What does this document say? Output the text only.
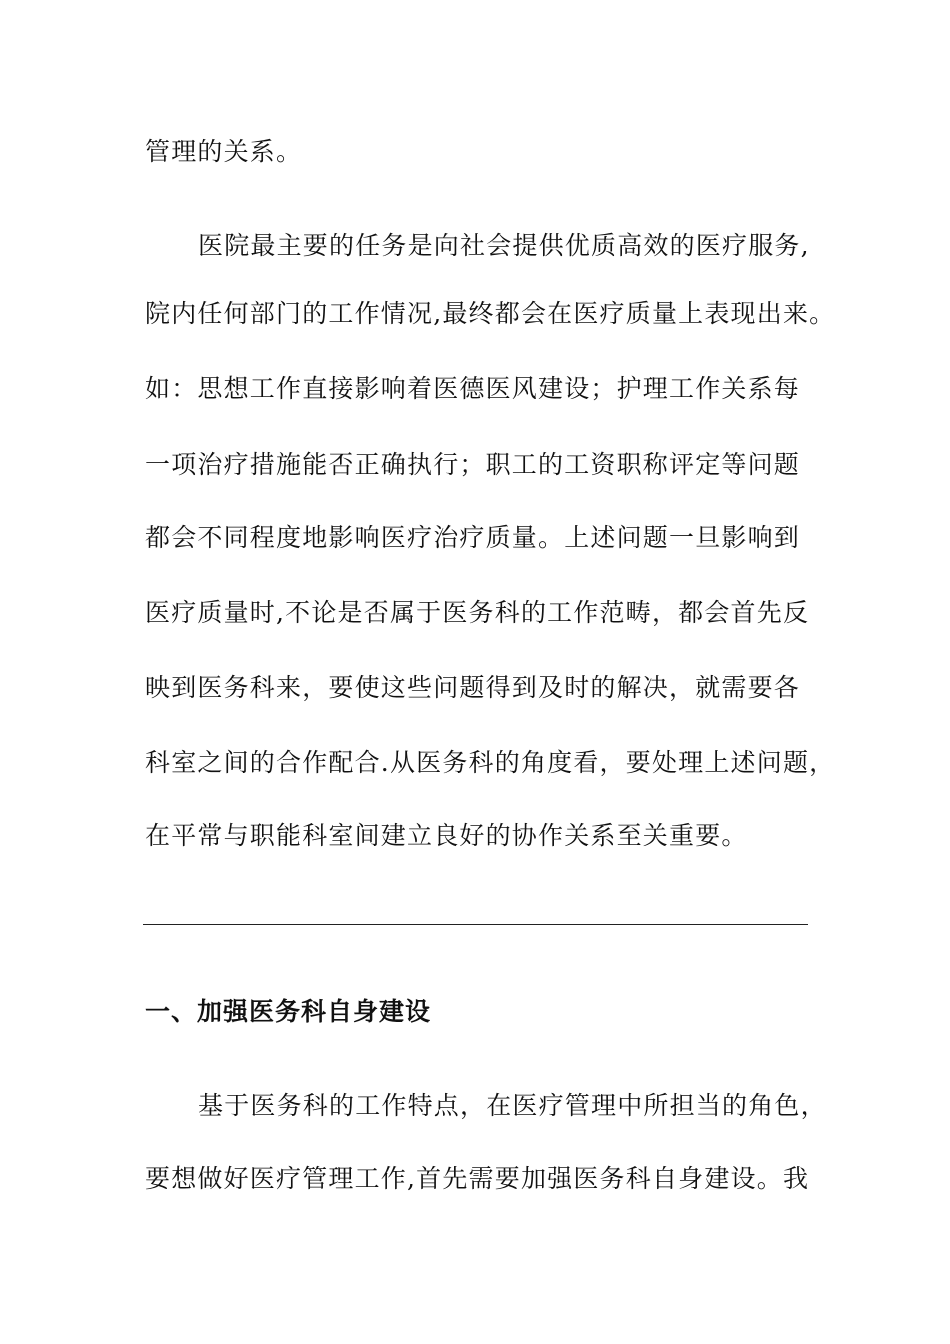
管理的关系。
医院最主要的任务是向社会提供优质高效的医疗服务,
院内任何部门的工作情况,最终都会在医疗质量上表现出来。
如：思想工作直接影响着医德医风建设；护理工作关系每
一项治疗措施能否正确执行；职工的工资职称评定等问题
都会不同程度地影响医疗治疗质量。上述问题一旦影响到
医疗质量时,不论是否属于医务科的工作范畴，都会首先反
映到医务科来，要使这些问题得到及时的解决，就需要各
科室之间的合作配合.从医务科的角度看，要处理上述问题，
在平常与职能科室间建立良好的协作关系至关重要。
一、加强医务科自身建设
基于医务科的工作特点，在医疗管理中所担当的角色，
要想做好医疗管理工作,首先需要加强医务科自身建设。我
